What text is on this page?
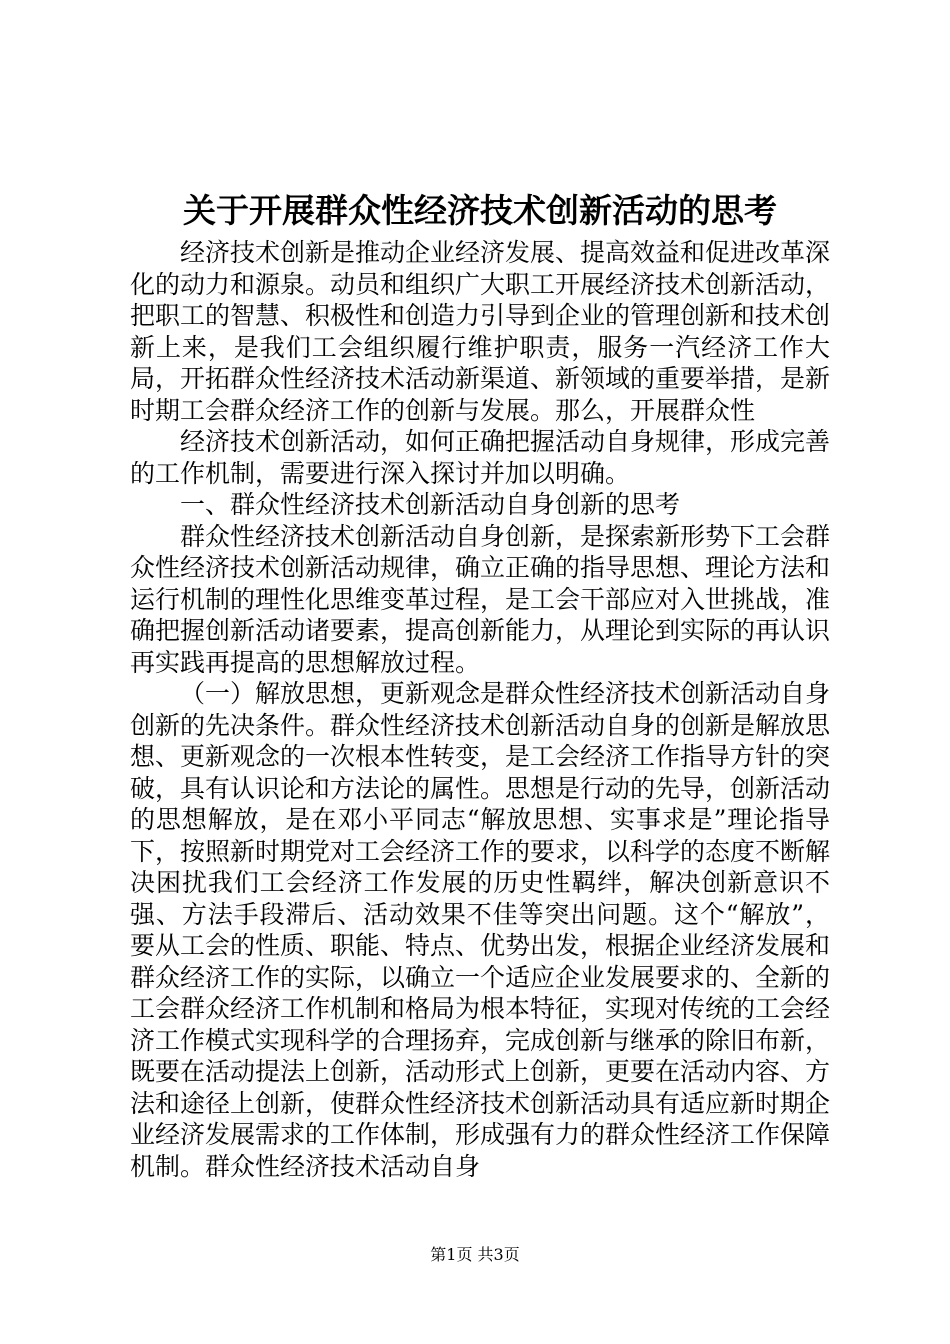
关于开展群众性经济技术创新活动的思考

经济技术创新是推动企业经济发展、提高效益和促进改革深化的动力和源泉。动员和组织广大职工开展经济技术创新活动，把职工的智慧、积极性和创造力引导到企业的管理创新和技术创新上来，是我们工会组织履行维护职责，服务一汽经济工作大局，开拓群众性经济技术活动新渠道、新领域的重要举措，是新时期工会群众经济工作的创新与发展。那么，开展群众性

经济技术创新活动，如何正确把握活动自身规律，形成完善的工作机制，需要进行深入探讨并加以明确。

一、群众性经济技术创新活动自身创新的思考

群众性经济技术创新活动自身创新，是探索新形势下工会群众性经济技术创新活动规律，确立正确的指导思想、理论方法和运行机制的理性化思维变革过程，是工会干部应对入世挑战，准确把握创新活动诸要素，提高创新能力，从理论到实际的再认识再实践再提高的思想解放过程。

（一）解放思想，更新观念是群众性经济技术创新活动自身创新的先决条件。群众性经济技术创新活动自身的创新是解放思想、更新观念的一次根本性转变，是工会经济工作指导方针的突破，具有认识论和方法论的属性。思想是行动的先导，创新活动的思想解放，是在邓小平同志“解放思想、实事求是”理论指导下，按照新时期党对工会经济工作的要求，以科学的态度不断解决困扰我们工会经济工作发展的历史性羁绊，解决创新意识不强、方法手段滞后、活动效果不佳等突出问题。这个“解放”，要从工会的性质、职能、特点、优势出发，根据企业经济发展和群众经济工作的实际，以确立一个适应企业发展要求的、全新的工会群众经济工作机制和格局为根本特征，实现对传统的工会经济工作模式实现科学的合理扬弃，完成创新与继承的除旧布新，既要在活动提法上创新，活动形式上创新，更要在活动内容、方法和途径上创新，使群众性经济技术创新活动具有适应新时期企业经济发展需求的工作体制，形成强有力的群众性经济工作保障机制。群众性经济技术活动自身

第1页 共3页
